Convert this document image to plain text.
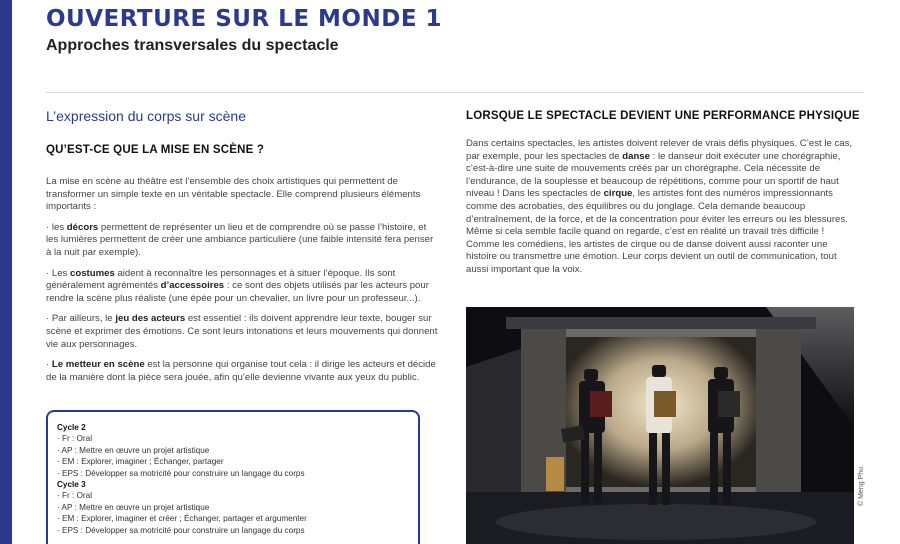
OUVERTURE SUR LE MONDE 1
Approches transversales du spectacle
L’expression du corps sur scène
QU’EST-CE QUE LA MISE EN SCÈNE ?

La mise en scène au théâtre est l’ensemble des choix artistiques qui permettent de transformer un simple texte en un véritable spectacle. Elle comprend plusieurs éléments importants :

· les décors permettent de représenter un lieu et de comprendre où se passe l’histoire, et les lumières permettent de créer une ambiance particulière (une faible intensité fera penser à la nuit par exemple).

· Les costumes aident à reconnaître les personnages et à situer l’époque. Ils sont généralement agrémentés d’accessoires : ce sont des objets utilisés par les acteurs pour rendre la scène plus réaliste (une épée pour un chevalier, un livre pour un professeur...).

· Par ailleurs, le jeu des acteurs est essentiel : ils doivent apprendre leur texte, bouger sur scène et exprimer des émotions. Ce sont leurs intonations et leurs mouvements qui donnent vie aux personnages.

· Le metteur en scène est la personne qui organise tout cela : il dirige les acteurs et décide de la manière dont la pièce sera jouée, afin qu’elle devienne vivante aux yeux du public.

Cycle 2
· Fr : Oral
· AP : Mettre en œuvre un projet artistique
· EM : Explorer, imaginer ; Échanger, partager
· EPS : Développer sa motricité pour construire un langage du corps
Cycle 3
· Fr : Oral
· AP : Mettre en œuvre un projet artistique
· EM : Explorer, imaginer et créer ; Échanger, partager et argumenter
· EPS : Développer sa motricité pour construire un langage du corps
LORSQUE LE SPECTACLE DEVIENT UNE PERFORMANCE PHYSIQUE

Dans certains spectacles, les artistes doivent relever de vrais défis physiques. C’est le cas, par exemple, pour les spectacles de danse : le danseur doit exécuter une chorégraphie, c’est-à-dire une suite de mouvements créés par un chorégraphe. Cela nécessite de l’endurance, de la souplesse et beaucoup de répétitions, comme pour un sportif de haut niveau ! Dans les spectacles de cirque, les artistes font des numéros impressionnants comme des acrobaties, des équilibres ou du jonglage. Cela demande beaucoup d’entraînement, de la force, et de la concentration pour éviter les erreurs ou les blessures. Même si cela semble facile quand on regarde, c’est en réalité un travail très difficile ! Comme les comédiens, les artistes de cirque ou de danse doivent aussi raconter une histoire ou transmettre une émotion. Leur corps devient un outil de communication, tout aussi important que la voix.

© Meng Phu
